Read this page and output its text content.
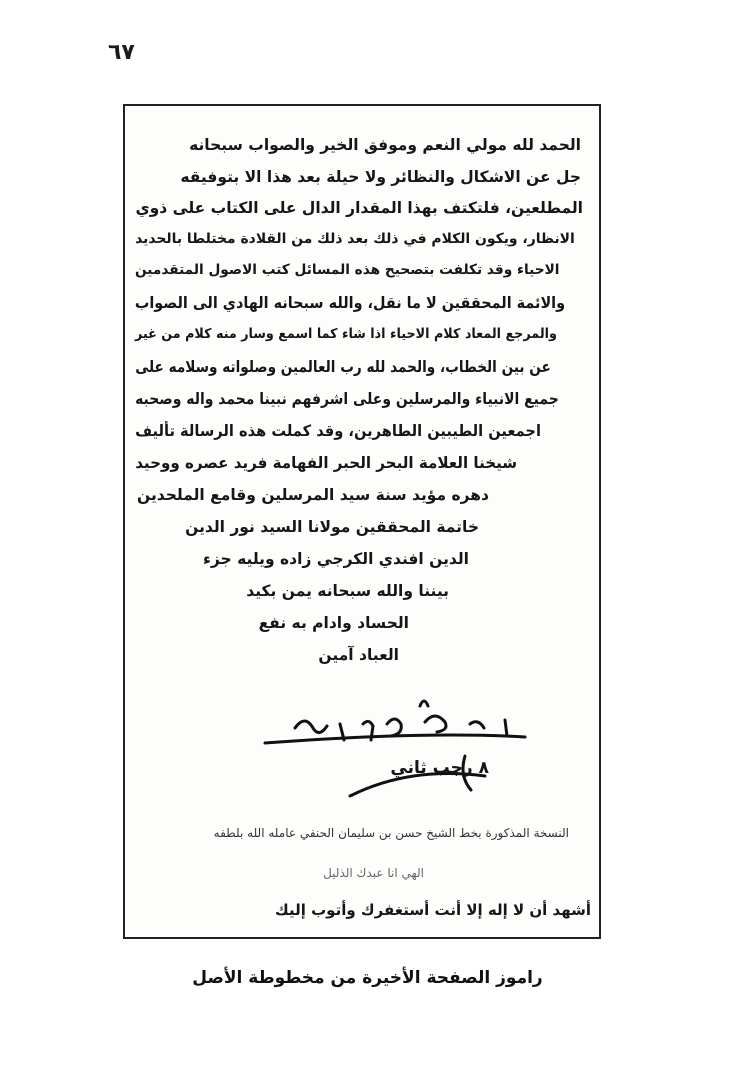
٦٧
الحمد لله مولي النعم وموفق الخير والصواب سبحانه
جل عن الاشكال والنظائر ولا حيلة بعد هذا الا بتوفيقه
المطلعين، فلتكتف بهذا المقدار الدال على الكتاب على ذوي
الانظار، ويكون الكلام في ذلك بعد ذلك من القلادة مختلطا بالحديد
الاحياء وقد تكلفت بتصحيح هذه المسائل كتب الاصول المتقدمين
والائمة المحققين لا ما نقل، والله سبحانه الهادي الى الصواب
والمرجع المعاد كلام الاحياء اذا شاء كما اسمع وسار منه كلام من غير
عن بين الخطاب، والحمد لله رب العالمين وصلواته وسلامه على
جميع الانبياء والمرسلين وعلى اشرفهم نبينا محمد واله وصحبه
اجمعين الطيبين الطاهرين، وقد كملت هذه الرسالة تأليف
شيخنا العلامة البحر الحبر الفهامة فريد عصره ووحيد
دهره مؤيد سنة سيد المرسلين وقامع الملحدين
خاتمة المحققين مولانا السيد نور الدين
الدين افندي الكرجي زاده ويليه جزء
بيننا والله سبحانه يمن بكيد
الحساد وادام به نفع
العباد آمين
٨ رجب ثاني
النسخة المذكورة بخط الشيخ حسن بن سليمان الحنفي عامله الله بلطفه
الهي انا عبدك الذليل
أشهد أن لا إله إلا أنت أستغفرك وأتوب إليك
راموز الصفحة الأخيرة من مخطوطة الأصل
